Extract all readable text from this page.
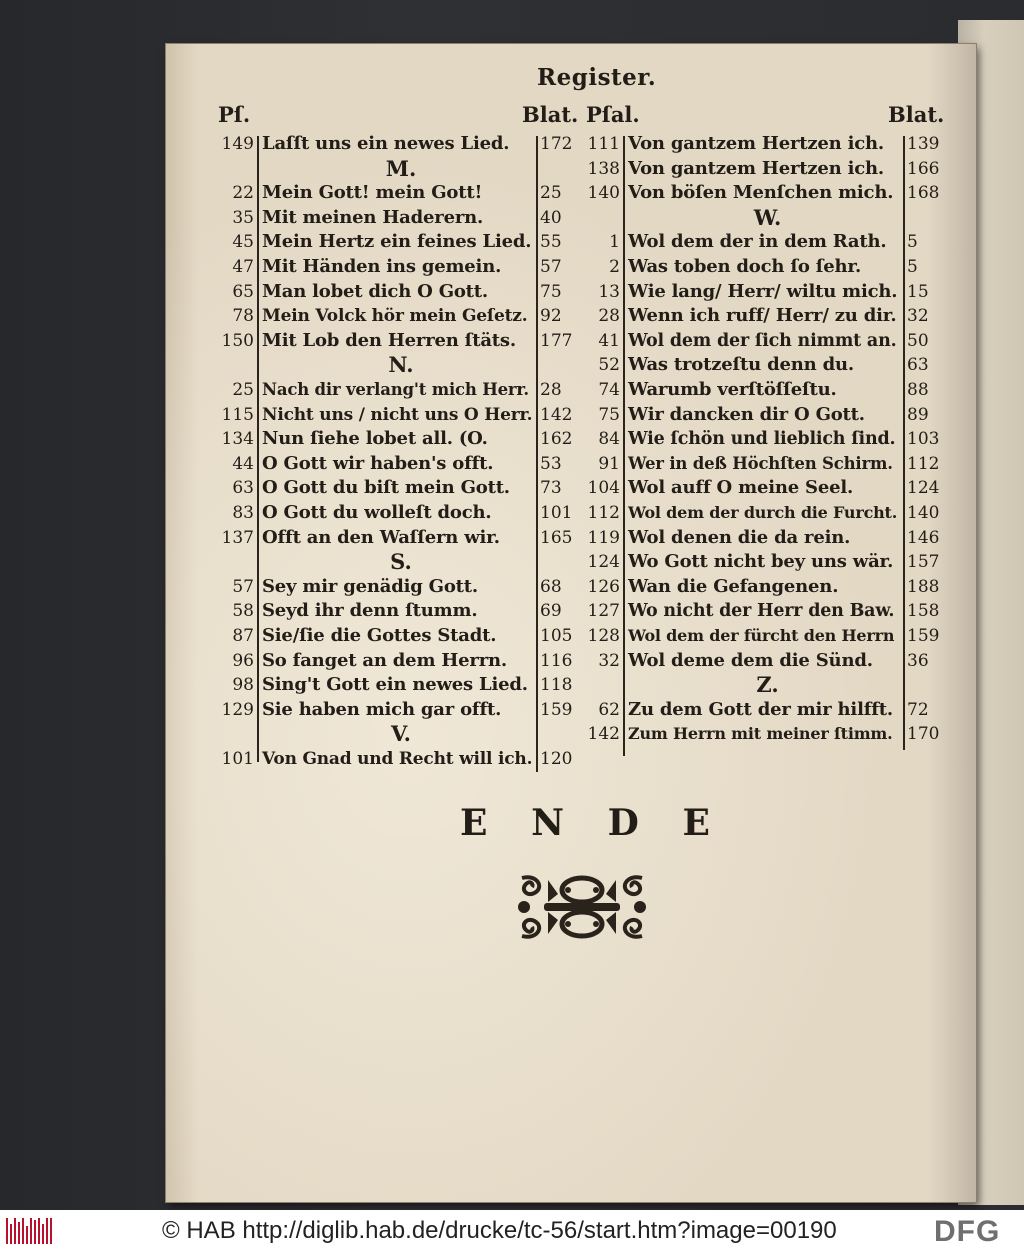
Register.
Pſ.	Blat. Pſal.	Blat.
149 Laſſt uns ein newes Lied. 172
M.
22 Mein Gott! mein Gott!	25
35 Mit meinen Haderern.	40
45 Mein Hertz ein feines Lied. 55
47 Mit Händen ins gemein. 57
65 Man lobet dich O Gott.	75
78 Mein Volck hör mein Geſetz. 92
150 Mit Lob den Herren ſtäts. 177
N.
25 Nach dir verlang't mich Herr. 28
115 Nicht uns / nicht uns O Herr. 142
134 Nun ſiehe lobet all. (O.	162
44 O Gott wir haben's offt.	53
63 O Gott du biſt mein Gott. 73
83 O Gott du wolleſt doch.	101
137 Offt an den Waſſern wir. 165
S.
57 Sey mir genädig Gott.	68
58 Seyd ihr denn ſtumm.	69
87 Sie/ſie die Gottes Stadt.	105
96 So fanget an dem Herrn. 116
98 Sing't Gott ein newes Lied. 118
129 Sie haben mich gar offt. 159
V.
101 Von Gnad und Recht will ich. 120
111 Von gantzem Hertzen ich. 139
138 Von gantzem Hertzen ich. 166
140 Von böſen Menſchen mich. 168
W.
1 Wol dem der in dem Rath. 5
2 Was toben doch ſo ſehr.	5
13 Wie lang/ Herr/ wiltu mich. 15
28 Wenn ich ruff/ Herr/ zu dir. 32
41 Wol dem der ſich nimmt an. 50
52 Was trotzeſtu denn du.	63
74 Warumb verſtöſſeſtu.	88
75 Wir dancken dir O Gott. 89
84 Wie ſchön und lieblich ſind. 103
91 Wer in deß Höchſten Schirm. 112
104 Wol auff O meine Seel.	124
112 Wol dem der durch die Furcht. 140
119 Wol denen die da rein.	146
124 Wo Gott nicht bey uns wär. 157
126 Wan die Gefangenen.	188
127 Wo nicht der Herr den Baw. 158
128 Wol dem der fürcht den Herrn 159
32 Wol deme dem die Sünd. 36
Z.
62 Zu dem Gott der mir hilfft. 72
142 Zum Herrn mit meiner ſtimm. 170
E N D E
© HAB http://diglib.hab.de/drucke/tc-56/start.htm?image=00190	DFG
